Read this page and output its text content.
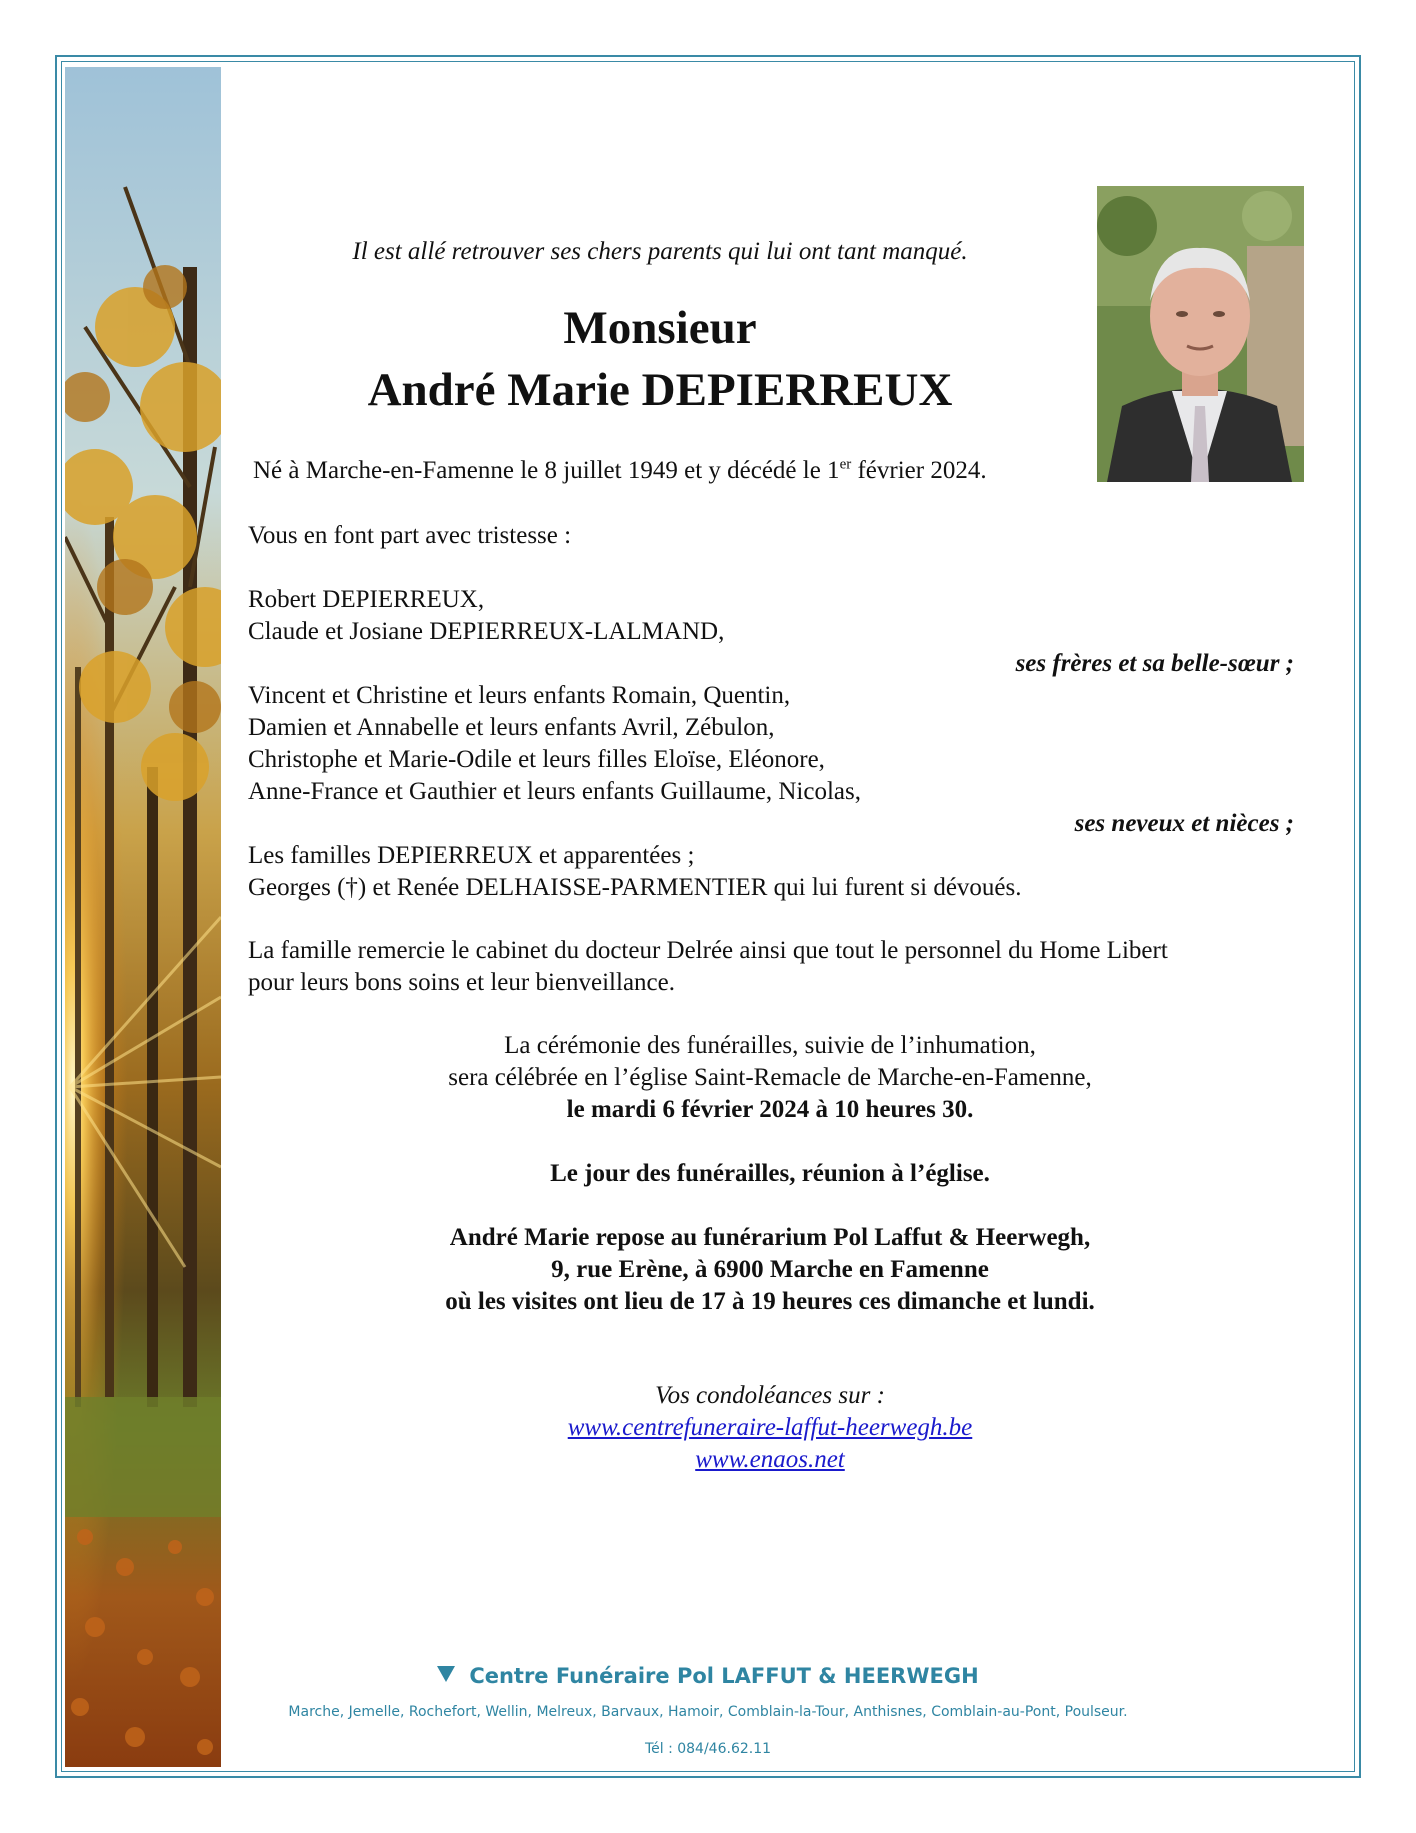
Il est allé retrouver ses chers parents qui lui ont tant manqué.
Monsieur
André Marie DEPIERREUX
Né à Marche-en-Famenne le 8 juillet 1949 et y décédé le 1er février 2024.
Vous en font part avec tristesse :
Robert DEPIERREUX,
Claude et Josiane DEPIERREUX-LALMAND,
ses frères et sa belle-sœur ;
Vincent et Christine et leurs enfants Romain, Quentin,
Damien et Annabelle et leurs enfants Avril, Zébulon,
Christophe et Marie-Odile et leurs filles Eloïse, Eléonore,
Anne-France et Gauthier et leurs enfants Guillaume, Nicolas,
ses neveux et nièces ;
Les familles DEPIERREUX et apparentées ;
Georges (†) et Renée DELHAISSE-PARMENTIER qui lui furent si dévoués.
La famille remercie le cabinet du docteur Delrée ainsi que tout le personnel du Home Libert
pour leurs bons soins et leur bienveillance.
La cérémonie des funérailles, suivie de l’inhumation,
sera célébrée en l’église Saint-Remacle de Marche-en-Famenne,
le mardi 6 février 2024 à 10 heures 30.
Le jour des funérailles, réunion à l’église.
André Marie repose au funérarium Pol Laffut & Heerwegh,
9, rue Erène, à 6900 Marche en Famenne
où les visites ont lieu de 17 à 19 heures ces dimanche et lundi.
Vos condoléances sur :
www.centrefuneraire-laffut-heerwegh.be
www.enaos.net
Centre Funéraire Pol LAFFUT & HEERWEGH
Marche, Jemelle, Rochefort, Wellin, Melreux, Barvaux, Hamoir, Comblain-la-Tour, Anthisnes, Comblain-au-Pont, Poulseur.
Tél : 084/46.62.11
